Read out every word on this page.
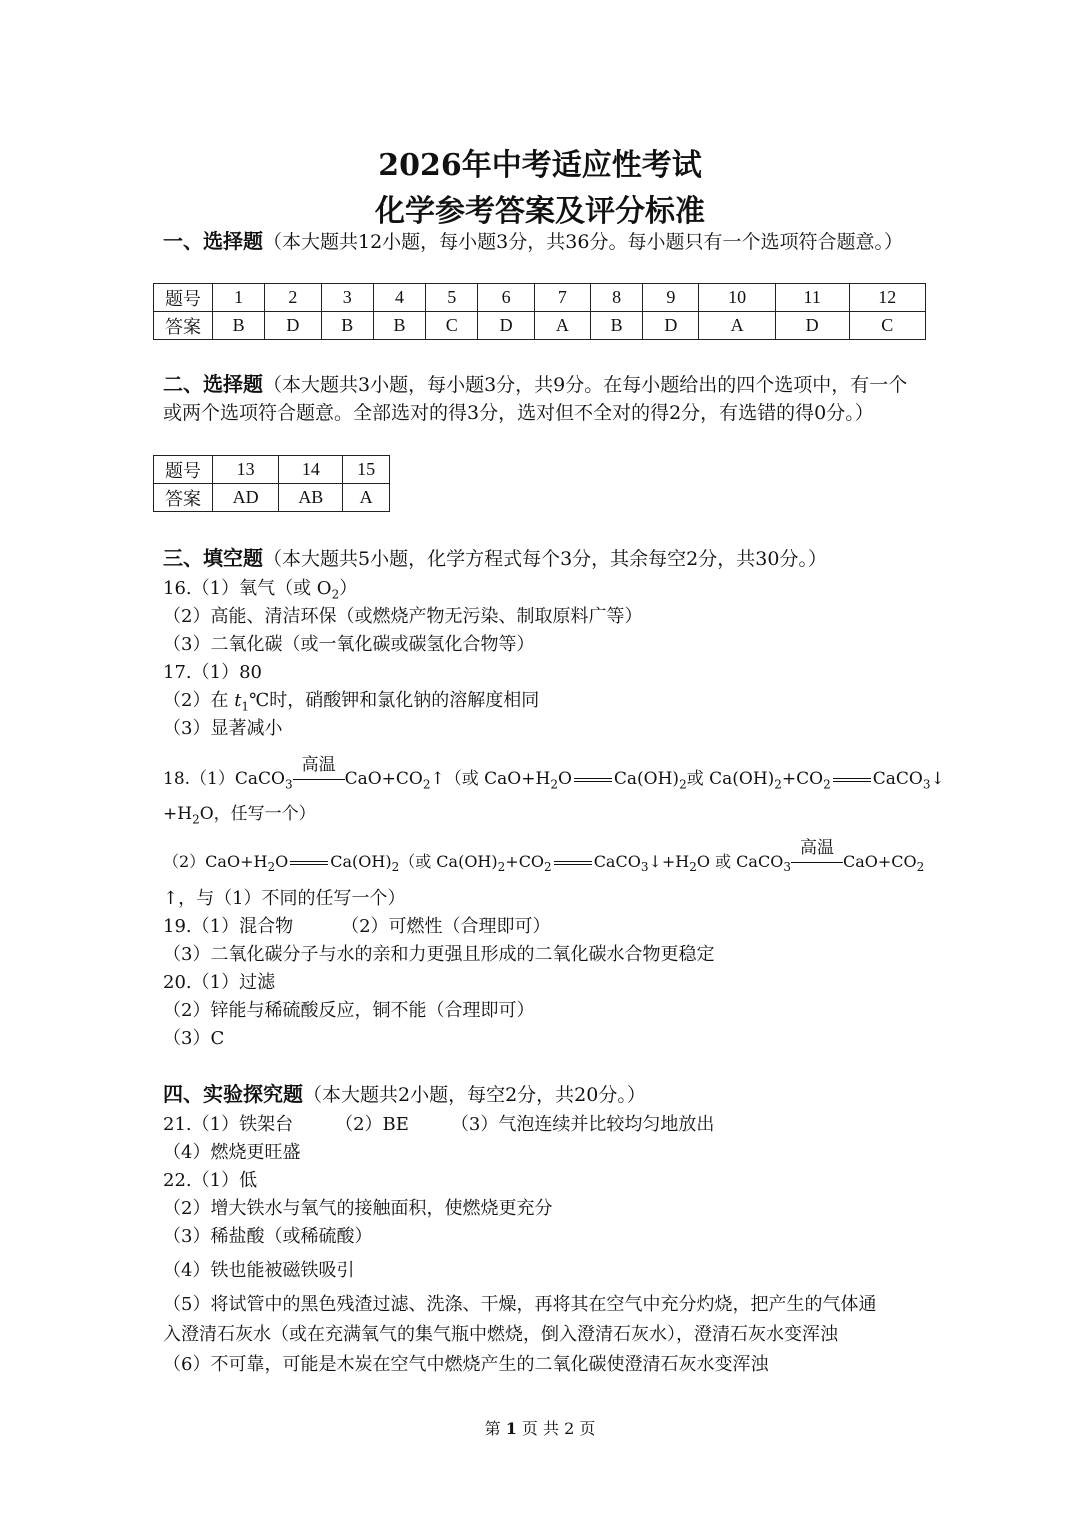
2026年中考适应性考试
化学参考答案及评分标准
一、选择题（本大题共12小题，每小题3分，共36分。每小题只有一个选项符合题意。）
题号	1	2	3	4	5	6	7	8	9	10	11	12
答案	B	D	B	B	C	D	A	B	D	A	D	C
二、选择题（本大题共3小题，每小题3分，共9分。在每小题给出的四个选项中，有一个或两个选项符合题意。全部选对的得3分，选对但不全对的得2分，有选错的得0分。）
题号	13	14	15
答案	AD	AB	A
三、填空题（本大题共5小题，化学方程式每个3分，其余每空2分，共30分。）
16.（1）氧气（或 $O_2$）
（2）高能、清洁环保（或燃烧产物无污染、制取原料广等）
（3）二氧化碳（或一氧化碳或碳氢化合物等）
17.（1）80
（2）在 $t_1℃$时，硝酸钾和氯化钠的溶解度相同
（3）显著减小
18.（1）CaCO$_3$
高温
$CaO+CO_2↑$（或 $CaO+H_2O$ $Ca(OH)_2$或 $Ca(OH)_2+CO_2$ CaCO$_3$↓
$+H_2O$，任写一个）
$(2)CaO+H_2O$	$Ca(OH)_2$（或 $Ca(OH)_2+CO_2$	$CaCO_3↓+H_2O$ 或 CaCO$_3$
高温
$CaO+CO_2$
↑，与（1）不同的任写一个）
19.（1）混合物	（2）可燃性（合理即可）
（3）二氧化碳分子与水的亲和力更强且形成的二氧化碳水合物更稳定
20.（1）过滤
（2）锌能与稀硫酸反应，铜不能（合理即可）
（3）C
四、实验探究题（本大题共2小题，每空2分，共20分。）
21.（1）铁架台 （2）BE （3）气泡连续并比较均匀地放出
（4）燃烧更旺盛
22.（1）低
（2）增大铁水与氧气的接触面积，使燃烧更充分
（3）稀盐酸（或稀硫酸）
（4）铁也能被磁铁吸引
（5）将试管中的黑色残渣过滤、洗涤、干燥，再将其在空气中充分灼烧，把产生的气体通
入澄清石灰水（或在充满氧气的集气瓶中燃烧，倒入澄清石灰水），澄清石灰水变浑浊
（6）不可靠，可能是木炭在空气中燃烧产生的二氧化碳使澄清石灰水变浑浊
第 1 页 共 2 页
